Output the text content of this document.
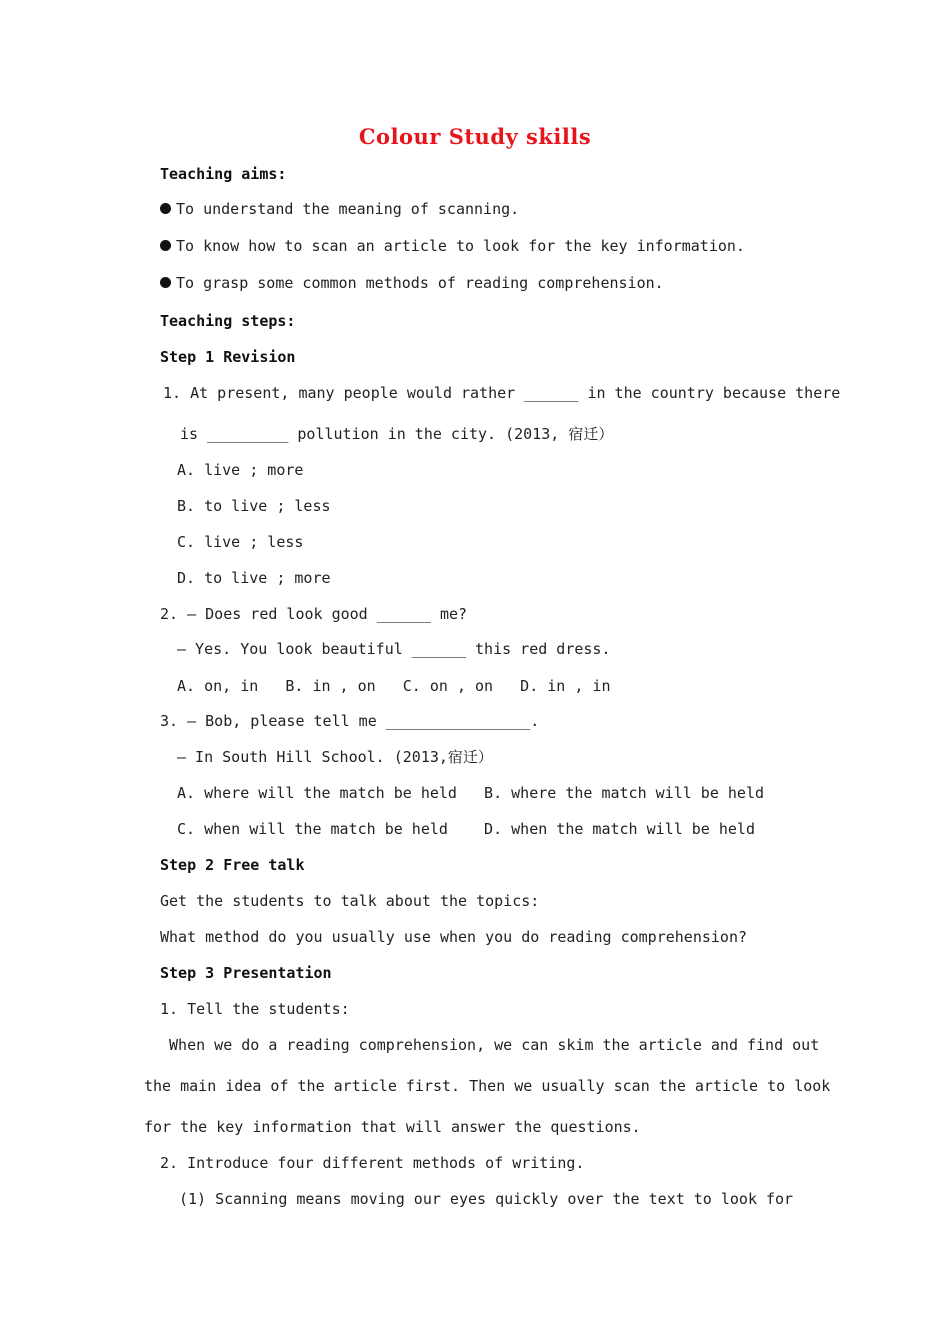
Colour Study skills
Teaching aims:
To understand the meaning of scanning.
To know how to scan an article to look for the key information.
To grasp some common methods of reading comprehension.
Teaching steps:
Step 1 Revision
1. At present, many people would rather ______ in the country because there
is _________ pollution in the city. (2013, 宿迁）
A. live ; more
B. to live ; less
C. live ; less
D. to live ; more
2. — Does red look good ______ me?
— Yes. You look beautiful ______ this red dress.
A. on, in   B. in , on   C. on , on   D. in , in
3. — Bob, please tell me ________________.
— In South Hill School. (2013,宿迁）
A. where will the match be held   B. where the match will be held
C. when will the match be held    D. when the match will be held
Step 2 Free talk
Get the students to talk about the topics:
What method do you usually use when you do reading comprehension?
Step 3 Presentation
1. Tell the students:
When we do a reading comprehension, we can skim the article and find out
the main idea of the article first. Then we usually scan the article to look
for the key information that will answer the questions.
2. Introduce four different methods of writing.
(1) Scanning means moving our eyes quickly over the text to look for
